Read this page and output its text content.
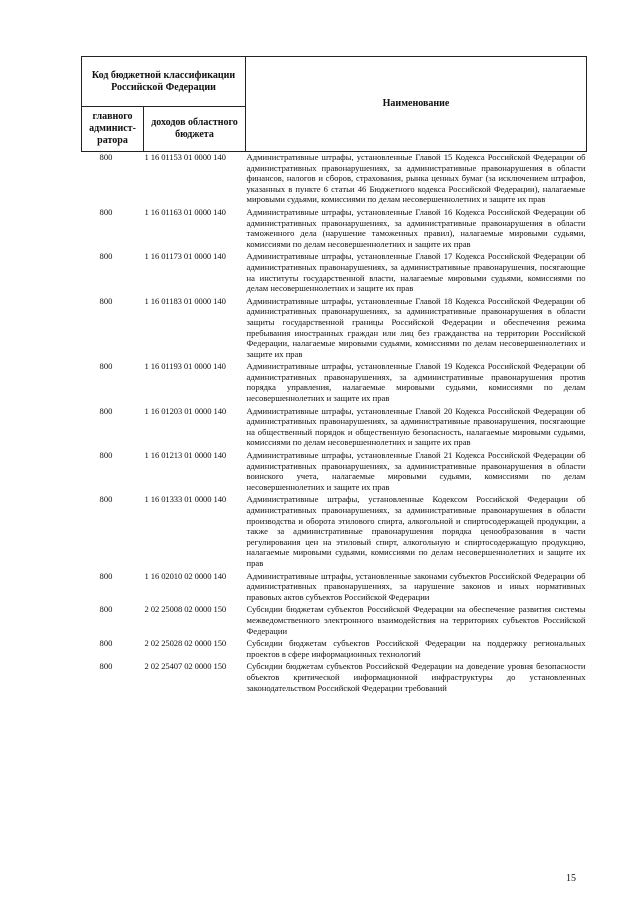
Код бюджетной классификации Российской Федерации		Наименование
главного админист-ратора	доходов областного бюджета	
800	1 16 01153 01 0000 140	Административные штрафы, установленные Главой 15 Кодекса Российской Федерации об административных правонарушениях, за административные правонарушения в области финансов, налогов и сборов, страхования, рынка ценных бумаг (за исключением штрафов, указанных в пункте 6 статьи 46 Бюджетного кодекса Российской Федерации), налагаемые мировыми судьями, комиссиями по делам несовершеннолетних и защите их прав
800	1 16 01163 01 0000 140	Административные штрафы, установленные Главой 16 Кодекса Российской Федерации об административных правонарушениях, за административные правонарушения в области таможенного дела (нарушение таможенных правил), налагаемые мировыми судьями, комиссиями по делам несовершеннолетних и защите их прав
800	1 16 01173 01 0000 140	Административные штрафы, установленные Главой 17 Кодекса Российской Федерации об административных правонарушениях, за административные правонарушения, посягающие на институты государственной власти, налагаемые мировыми судьями, комиссиями по делам несовершеннолетних и защите их прав
800	1 16 01183 01 0000 140	Административные штрафы, установленные Главой 18 Кодекса Российской Федерации об административных правонарушениях, за административные правонарушения в области защиты государственной границы Российской Федерации и обеспечения режима пребывания иностранных граждан или лиц без гражданства на территории Российской Федерации, налагаемые мировыми судьями, комиссиями по делам несовершеннолетних и защите их прав
800	1 16 01193 01 0000 140	Административные штрафы, установленные Главой 19 Кодекса Российской Федерации об административных правонарушениях, за административные правонарушения против порядка управления, налагаемые мировыми судьями, комиссиями по делам несовершеннолетних и защите их прав
800	1 16 01203 01 0000 140	Административные штрафы, установленные Главой 20 Кодекса Российской Федерации об административных правонарушениях, за административные правонарушения, посягающие на общественный порядок и общественную безопасность, налагаемые мировыми судьями, комиссиями по делам несовершеннолетних и защите их прав
800	1 16 01213 01 0000 140	Административные штрафы, установленные Главой 21 Кодекса Российской Федерации об административных правонарушениях, за административные правонарушения в области воинского учета, налагаемые мировыми судьями, комиссиями по делам несовершеннолетних и защите их прав
800	1 16 01333 01 0000 140	Административные штрафы, установленные Кодексом Российской Федерации об административных правонарушениях, за административные правонарушения в области производства и оборота этилового спирта, алкогольной и спиртосодержащей продукции, а также за административные правонарушения порядка ценообразования в части регулирования цен на этиловый спирт, алкогольную и спиртосодержащую продукцию, налагаемые мировыми судьями, комиссиями по делам несовершеннолетних и защите их прав
800	1 16 02010 02 0000 140	Административные штрафы, установленные законами субъектов Российской Федерации об административных правонарушениях, за нарушение законов и иных нормативных правовых актов субъектов Российской Федерации
800	2 02 25008 02 0000 150	Субсидии бюджетам субъектов Российской Федерации на обеспечение развития системы межведомственного электронного взаимодействия на территориях субъектов Российской Федерации
800	2 02 25028 02 0000 150	Субсидии бюджетам субъектов Российской Федерации на поддержку региональных проектов в сфере информационных технологий
800	2 02 25407 02 0000 150	Субсидии бюджетам субъектов Российской Федерации на доведение уровня безопасности объектов критической информационной инфраструктуры до установленных законодательством Российской Федерации требований
15
